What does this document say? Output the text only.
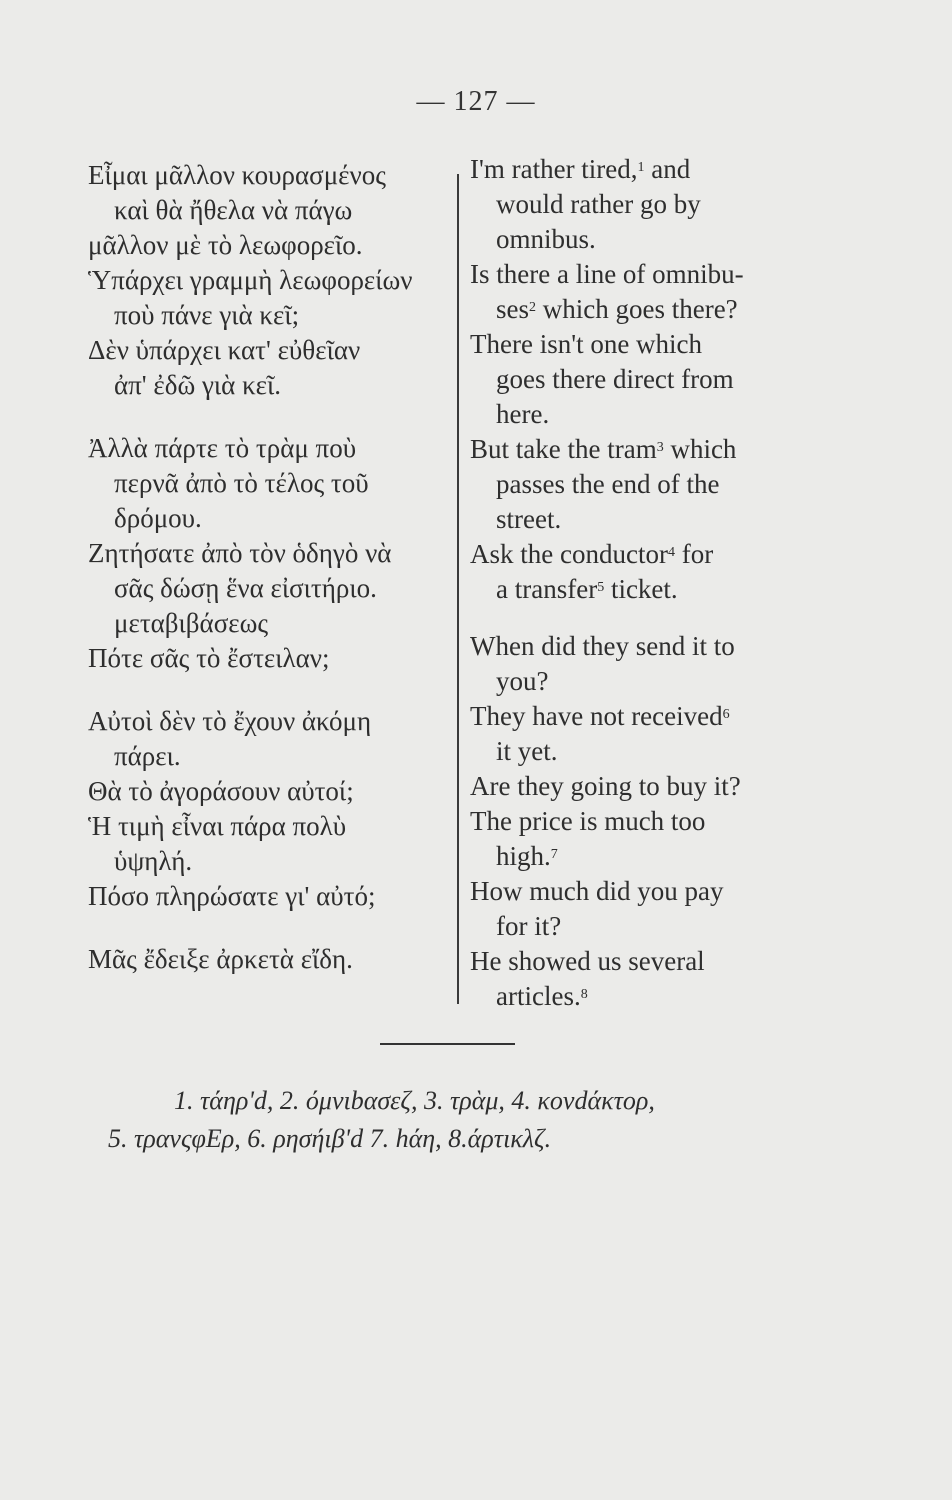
— 127 —
Εἶμαι μᾶλλον κουρασμένος
καὶ θὰ ἤθελα νὰ πάγω
μᾶλλον μὲ τὸ λεωφορεῖο.
Ὑπάρχει γραμμὴ λεωφορείων
ποὺ πάνε γιὰ κεῖ;
Δὲν ὑπάρχει κατ' εὐθεῖαν
ἀπ' ἐδῶ γιὰ κεῖ.
Ἀλλὰ πάρτε τὸ τρὰμ ποὺ
περνᾶ ἀπὸ τὸ τέλος τοῦ
δρόμου.
Ζητήσατε ἀπὸ τὸν ὁδηγὸ νὰ
σᾶς δώσῃ ἕνα εἰσιτήριο.
μεταβιβάσεως
Πότε σᾶς τὸ ἔστειλαν;
Αὐτοὶ δὲν τὸ ἔχουν ἀκόμη
πάρει.
Θὰ τὸ ἀγοράσουν αὐτοί;
Ἡ τιμὴ εἶναι πάρα πολὺ
ὑψηλή.
Πόσο πληρώσατε γι' αὐτό;
Μᾶς ἔδειξε ἀρκετὰ εἴδη.
I'm rather tired,$^1$ and
would rather go by
omnibus.
Is there a line of omnibu-
ses$^2$ which goes there?
There isn't one which
goes there direct from
here.
But take the tram$^3$ which
passes the end of the
street.
Ask the conductor$^4$ for
a transfer$^5$ ticket.
When did they send it to
you?
They have not received$^6$
it yet.
Are they going to buy it?
The price is much too
high.$^7$
How much did you pay
for it?
He showed us several
articles.$^8$
1. τάηρ'd, 2. όμνιbασεζ, 3. τρὰμ, 4. κονdάκτορ,
5. τρανςφΕρ, 6. ρησήιβ'd 7. hάη, 8.άρτικλζ.
